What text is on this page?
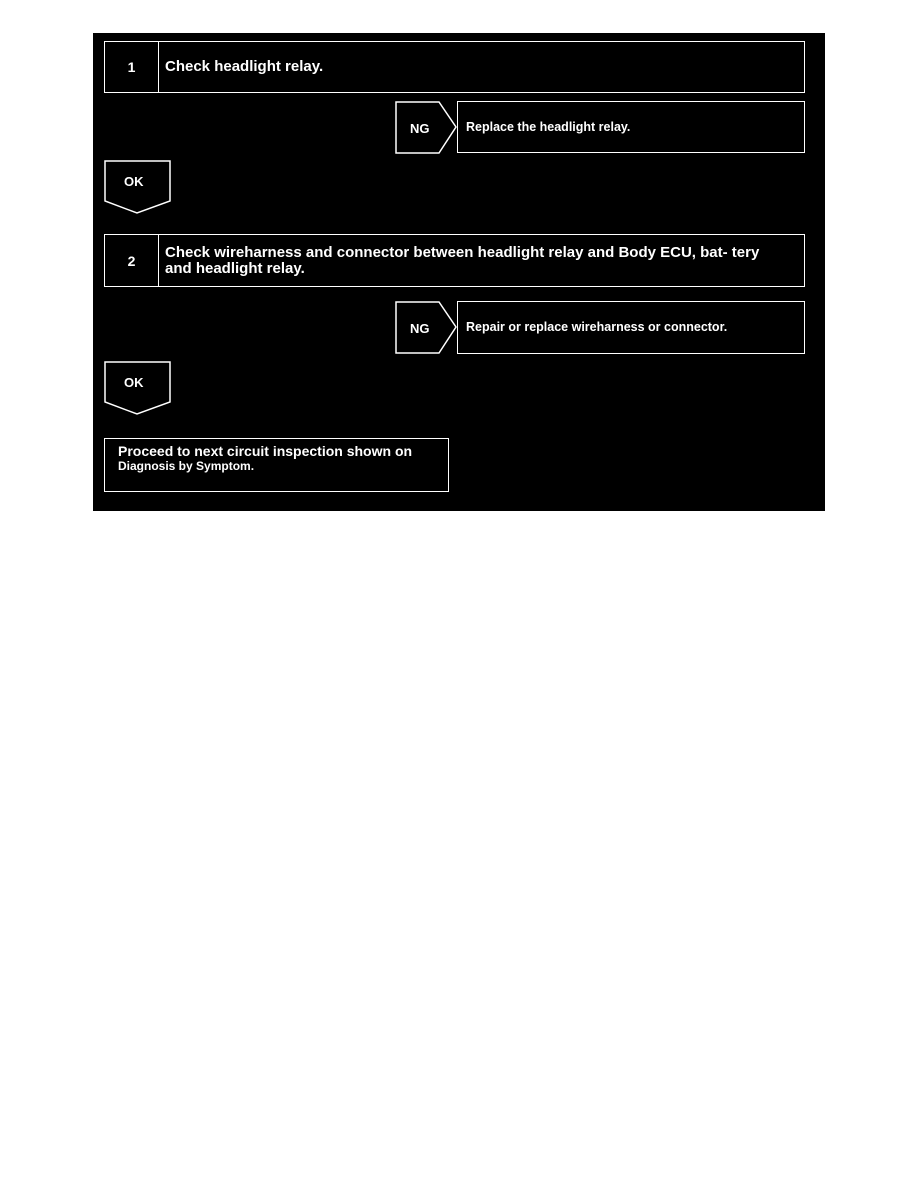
1	Check headlight relay.
NG	Replace the headlight relay.
OK
2	Check wireharness and connector between headlight relay and Body ECU, bat- tery and headlight relay.
NG	Repair or replace wireharness or connector.
OK
Proceed to next circuit inspection shown on
Diagnosis by Symptom.
